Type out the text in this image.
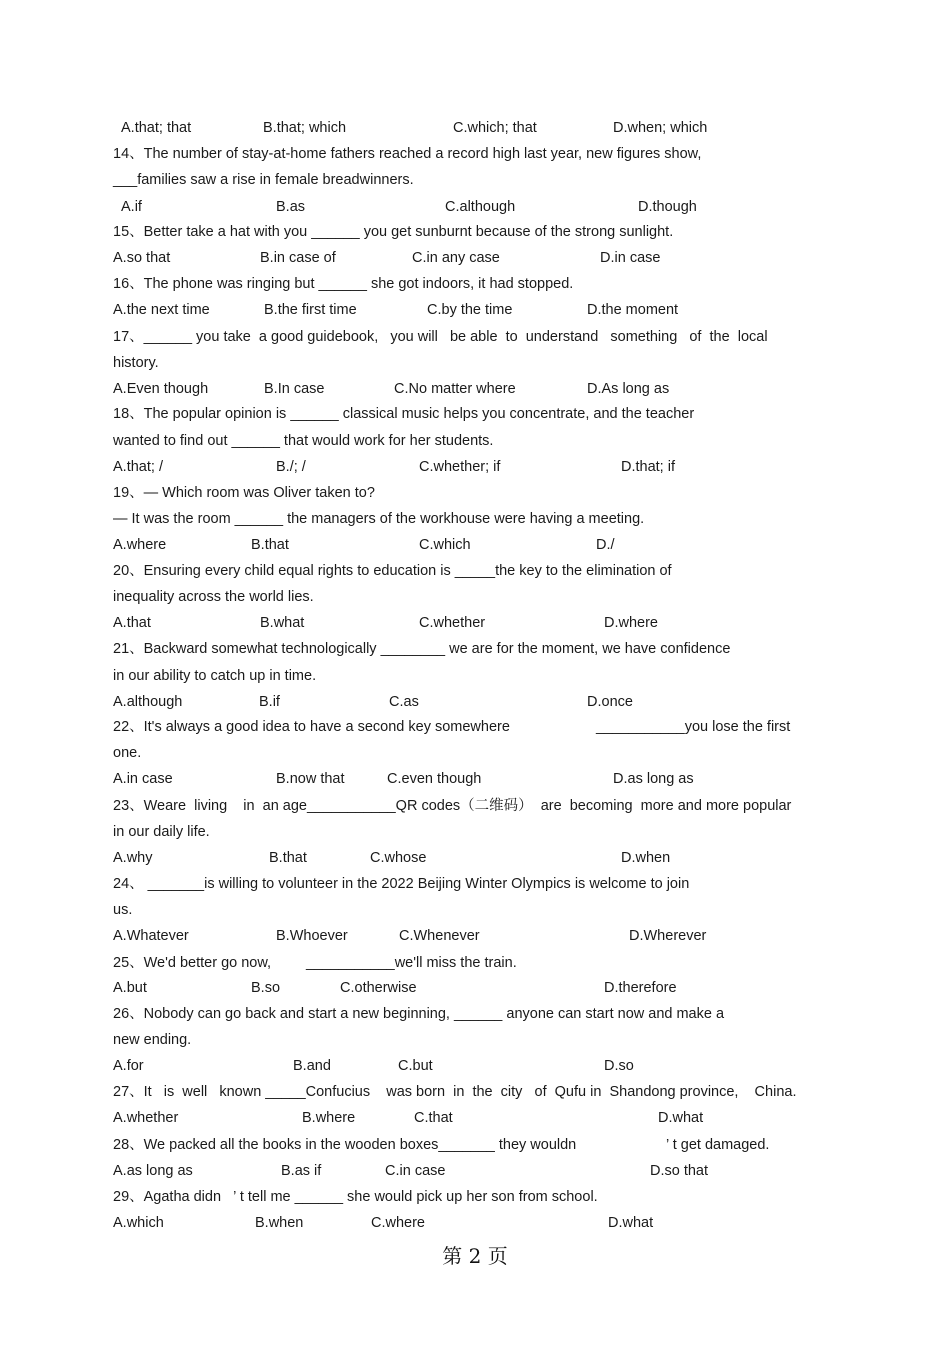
A.that; that	B.that; which	C.which; that	D.when; which
14、The number of stay-at-home fathers reached a record high last year, new figures show,
___families saw a rise in female breadwinners.
A.if	B.as	C.although	D.though
15、Better take a hat with you ______ you get sunburnt because of the strong sunlight.
A.so that	B.in case of	C.in any case	D.in case
16、The phone was ringing but ______ she got indoors, it had stopped.
A.the next time	B.the first time	C.by the time	D.the moment
17、______ you take  a good guidebook,   you will   be able  to  understand   something   of  the  local
history.
A.Even though	B.In case	C.No matter where	D.As long as
18、The popular opinion is ______ classical music helps you concentrate, and the teacher
wanted to find out ______ that would work for her students.
A.that; /	B./; /	C.whether; if	D.that; if
19、— Which room was Oliver taken to?
— It was the room ______ the managers of the workhouse were having a meeting.
A.where	B.that	C.which	D./
20、Ensuring every child equal rights to education is _____the key to the elimination of
inequality across the world lies.
A.that	B.what	C.whether	D.where
21、Backward somewhat technologically ________ we are for the moment, we have confidence
in our ability to catch up in time.
A.although	B.if	C.as	D.once
22、It's always a good idea to have a second key somewhere	___________you lose the first
one.
A.in case	B.now that	C.even though	D.as long as
23、Weare  living    in  an age___________QR codes（二维码）  are  becoming  more and more popular
in our daily life.
A.why	B.that	C.whose	D.when
24、 _______is willing to volunteer in the 2022 Beijing Winter Olympics is welcome to join
us.
A.Whatever	B.Whoever	C.Whenever	D.Wherever
25、We'd better go now, ___________we'll miss the train.
A.but	B.so	C.otherwise	D.therefore
26、Nobody can go back and start a new beginning, ______ anyone can start now and make a
new ending.
A.for	B.and	C.but	D.so
27、It   is  well   known _____Confucius    was born  in  the  city   of  Qufu in  Shandong province,    China.
A.whether	B.where	C.that	D.what
28、We packed all the books in the wooden boxes_______ they wouldn	’ t get damaged.
A.as long as	B.as if	C.in case	D.so that
29、Agatha didn   ’ t tell me ______ she would pick up her son from school.
A.which	B.when	C.where	D.what
第 2 页
